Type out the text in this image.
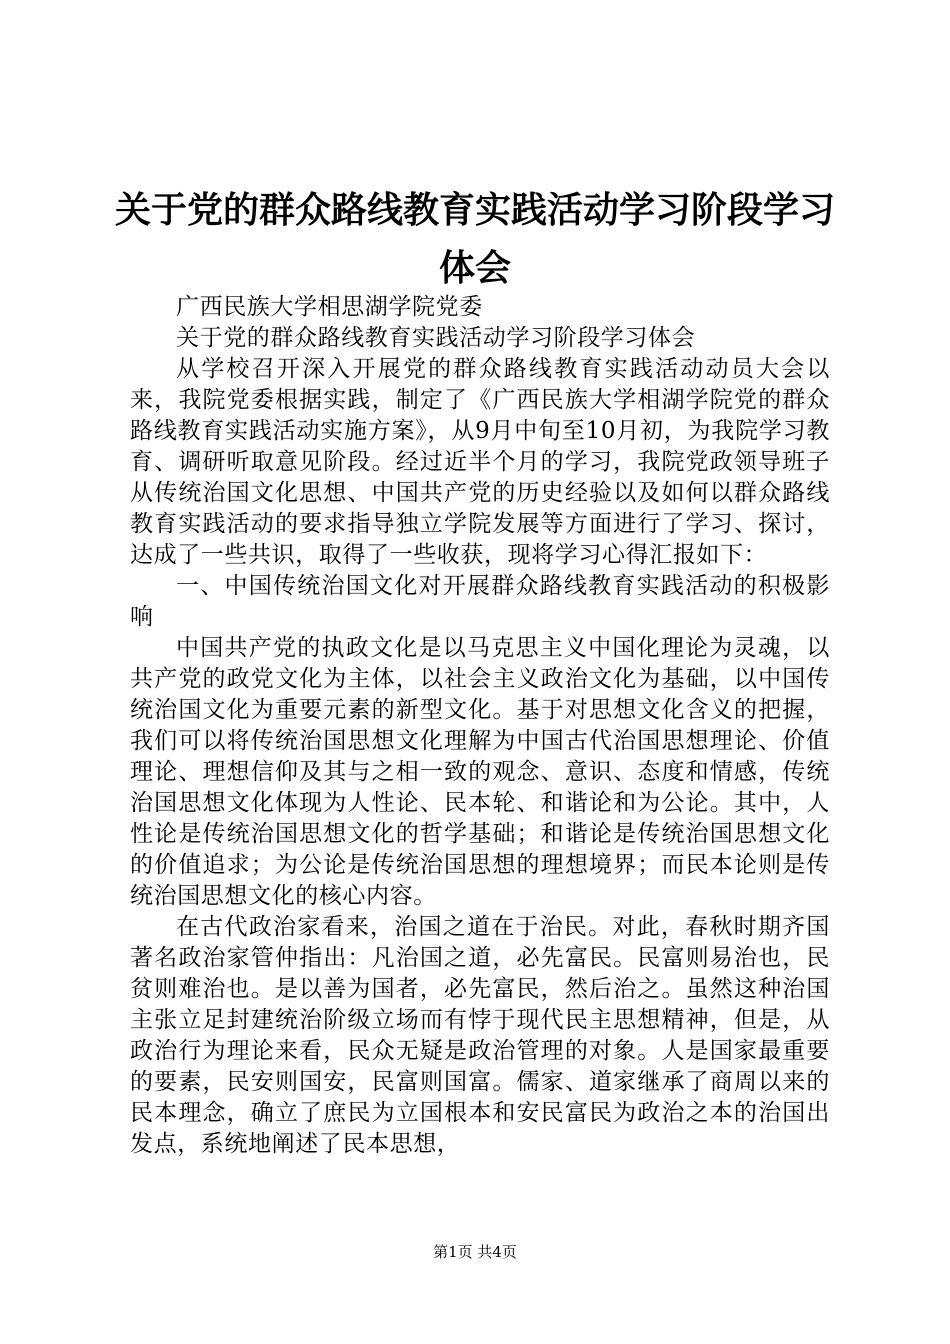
关于党的群众路线教育实践活动学习阶段学习
体会

广西民族大学相思湖学院党委

关于党的群众路线教育实践活动学习阶段学习体会

从学校召开深入开展党的群众路线教育实践活动动员大会以来，我院党委根据实践，制定了《广西民族大学相湖学院党的群众路线教育实践活动实施方案》，从9月中旬至10月初，为我院学习教育、调研听取意见阶段。经过近半个月的学习，我院党政领导班子从传统治国文化思想、中国共产党的历史经验以及如何以群众路线教育实践活动的要求指导独立学院发展等方面进行了学习、探讨，达成了一些共识，取得了一些收获，现将学习心得汇报如下：

一、中国传统治国文化对开展群众路线教育实践活动的积极影响

中国共产党的执政文化是以马克思主义中国化理论为灵魂，以共产党的政党文化为主体，以社会主义政治文化为基础，以中国传统治国文化为重要元素的新型文化。基于对思想文化含义的把握，我们可以将传统治国思想文化理解为中国古代治国思想理论、价值理论、理想信仰及其与之相一致的观念、意识、态度和情感，传统治国思想文化体现为人性论、民本轮、和谐论和为公论。其中，人性论是传统治国思想文化的哲学基础；和谐论是传统治国思想文化的价值追求；为公论是传统治国思想的理想境界；而民本论则是传统治国思想文化的核心内容。

在古代政治家看来，治国之道在于治民。对此，春秋时期齐国著名政治家管仲指出：凡治国之道，必先富民。民富则易治也，民贫则难治也。是以善为国者，必先富民，然后治之。虽然这种治国主张立足封建统治阶级立场而有悖于现代民主思想精神，但是，从政治行为理论来看，民众无疑是政治管理的对象。人是国家最重要的要素，民安则国安，民富则国富。儒家、道家继承了商周以来的民本理念，确立了庶民为立国根本和安民富民为政治之本的治国出发点，系统地阐述了民本思想，

第1页 共4页
